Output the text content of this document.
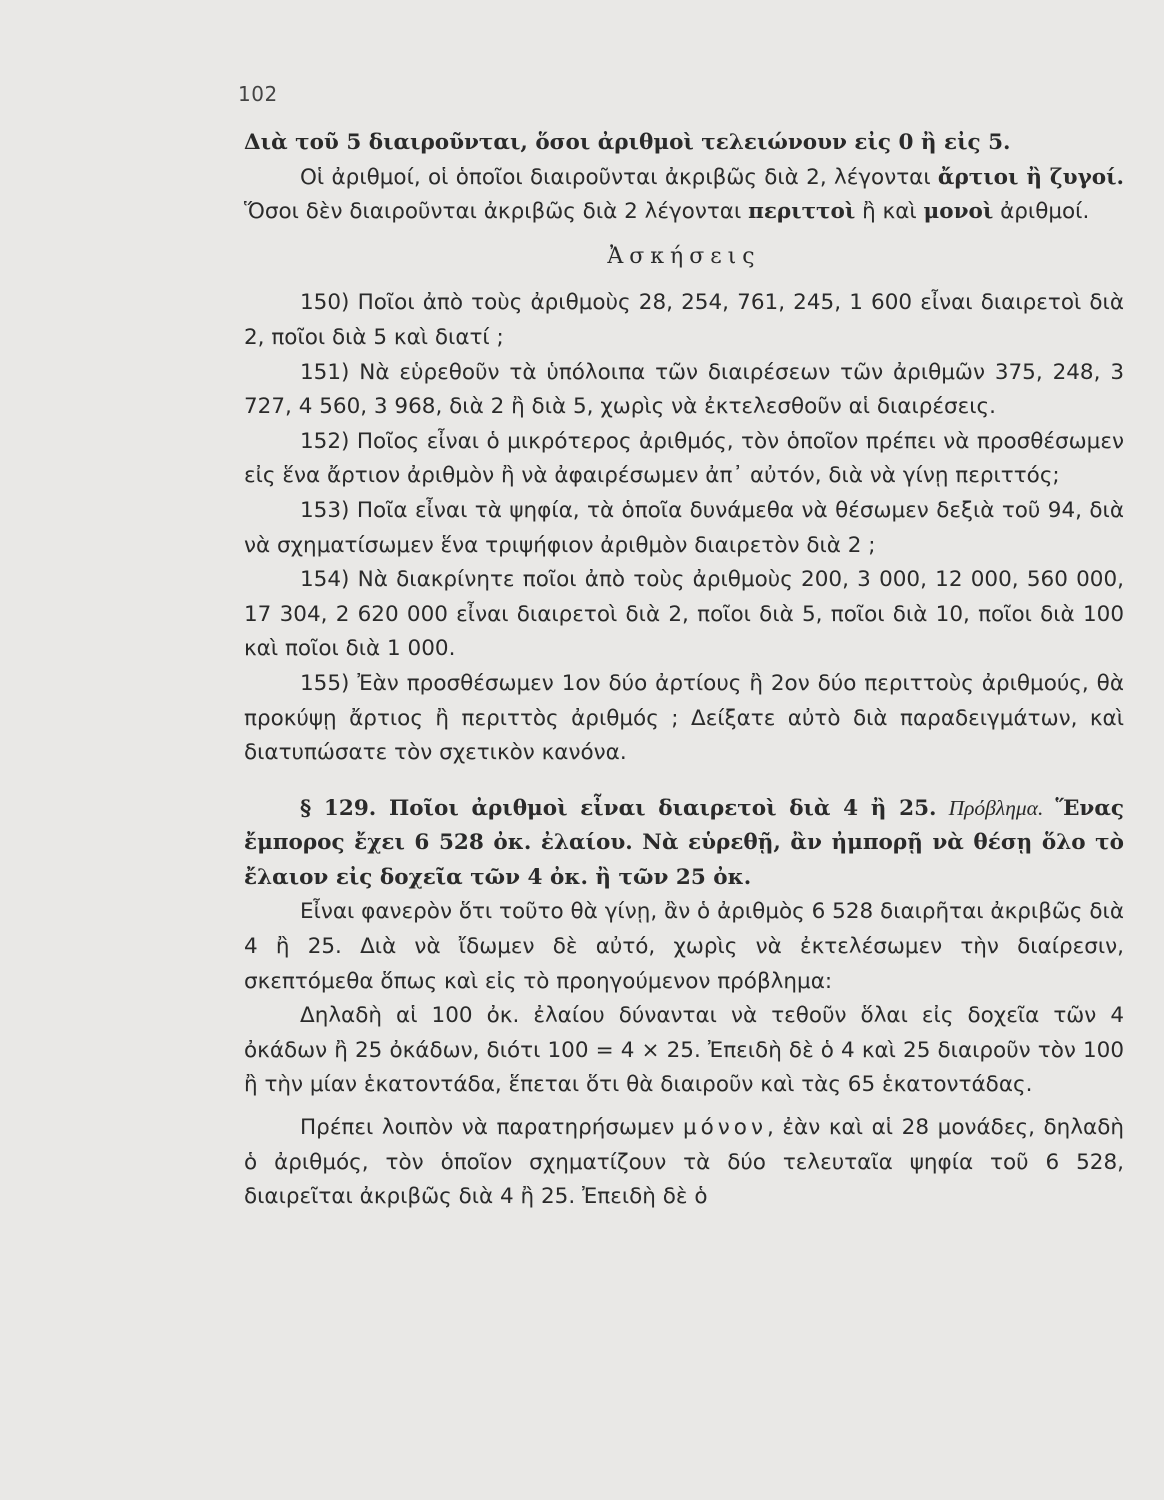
102

Διὰ τοῦ 5 διαιροῦνται, ὅσοι ἀριθμοὶ τελειώνουν εἰς 0 ἢ εἰς 5.

Οἱ ἀριθμοί, οἱ ὁποῖοι διαιροῦνται ἀκριβῶς διὰ 2, λέγονται ἄρτιοι ἢ ζυγοί. Ὅσοι δὲν διαιροῦνται ἀκριβῶς διὰ 2 λέγονται περιττοὶ ἢ καὶ μονοὶ ἀριθμοί.

Ἀσκήσεις

150) Ποῖοι ἀπὸ τοὺς ἀριθμοὺς 28, 254, 761, 245, 1 600 εἶναι διαιρετοὶ διὰ 2, ποῖοι διὰ 5 καὶ διατί ;

151) Νὰ εὑρεθοῦν τὰ ὑπόλοιπα τῶν διαιρέσεων τῶν ἀριθμῶν 375, 248, 3 727, 4 560, 3 968, διὰ 2 ἢ διὰ 5, χωρὶς νὰ ἐκτελεσθοῦν αἱ διαιρέσεις.

152) Ποῖος εἶναι ὁ μικρότερος ἀριθμός, τὸν ὁποῖον πρέπει νὰ προσθέσωμεν εἰς ἕνα ἄρτιον ἀριθμὸν ἢ νὰ ἀφαιρέσωμεν ἀπ᾿ αὐτόν, διὰ νὰ γίνῃ περιττός;

153) Ποῖα εἶναι τὰ ψηφία, τὰ ὁποῖα δυνάμεθα νὰ θέσωμεν δεξιὰ τοῦ 94, διὰ νὰ σχηματίσωμεν ἕνα τριψήφιον ἀριθμὸν διαιρετὸν διὰ 2 ;

154) Νὰ διακρίνητε ποῖοι ἀπὸ τοὺς ἀριθμοὺς 200, 3 000, 12 000, 560 000, 17 304, 2 620 000 εἶναι διαιρετοὶ διὰ 2, ποῖοι διὰ 5, ποῖοι διὰ 10, ποῖοι διὰ 100 καὶ ποῖοι διὰ 1 000.

155) Ἐὰν προσθέσωμεν 1ον δύο ἀρτίους ἢ 2ον δύο περιττοὺς ἀριθμούς, θὰ προκύψῃ ἄρτιος ἢ περιττὸς ἀριθμός ; Δείξατε αὐτὸ διὰ παραδειγμάτων, καὶ διατυπώσατε τὸν σχετικὸν κανόνα.

§ 129. Ποῖοι ἀριθμοὶ εἶναι διαιρετοὶ διὰ 4 ἢ 25. Πρόβλημα. Ἕνας ἔμπορος ἔχει 6 528 ὀκ. ἐλαίου. Νὰ εὑρεθῇ, ἂν ἠμπορῇ νὰ θέσῃ ὅλο τὸ ἔλαιον εἰς δοχεῖα τῶν 4 ὀκ. ἢ τῶν 25 ὀκ.

Εἶναι φανερὸν ὅτι τοῦτο θὰ γίνῃ, ἂν ὁ ἀριθμὸς 6 528 διαιρῆται ἀκριβῶς διὰ 4 ἢ 25. Διὰ νὰ ἴδωμεν δὲ αὐτό, χωρὶς νὰ ἐκτελέσωμεν τὴν διαίρεσιν, σκεπτόμεθα ὅπως καὶ εἰς τὸ προηγούμενον πρόβλημα:

Δηλαδὴ αἱ 100 ὀκ. ἐλαίου δύνανται νὰ τεθοῦν ὅλαι εἰς δοχεῖα τῶν 4 ὀκάδων ἢ 25 ὀκάδων, διότι 100 = 4 × 25. Ἐπειδὴ δὲ ὁ 4 καὶ 25 διαιροῦν τὸν 100 ἢ τὴν μίαν ἑκατοντάδα, ἕπεται ὅτι θὰ διαιροῦν καὶ τὰς 65 ἑκατοντάδας.

Πρέπει λοιπὸν νὰ παρατηρήσωμεν μόνον, ἐὰν καὶ αἱ 28 μονάδες, δηλαδὴ ὁ ἀριθμός, τὸν ὁποῖον σχηματίζουν τὰ δύο τελευταῖα ψηφία τοῦ 6 528, διαιρεῖται ἀκριβῶς διὰ 4 ἢ 25. Ἐπειδὴ δὲ ὁ
